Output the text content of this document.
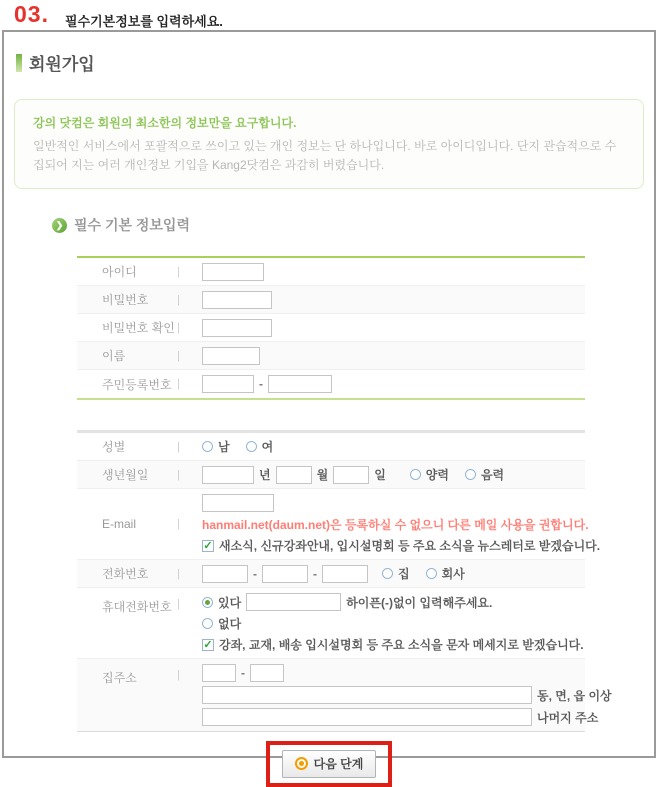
03. 필수기본정보를 입력하세요.
회원가입
강의 닷컴은 회원의 최소한의 정보만을 요구합니다.
일반적인 서비스에서 포괄적으로 쓰이고 있는 개인 정보는 단 하나입니다. 바로 아이디입니다. 단지 관습적으로 수집되어 지는 여러 개인정보 기입을 Kang2닷컴은 과감히 버렸습니다.
❯ 필수 기본 정보입력
아이디	|
비밀번호	|
비밀번호 확인 |
이름	|
주민등록번호 |	-
성별	|	남	여
생년월일	|	년	월	일	양력	음력
E-mail	|	hanmail.net(daum.net)은 등록하실 수 없으니 다른 메일 사용을 권합니다.
✓ 새소식, 신규강좌안내, 입시설명회 등 주요 소식을 뉴스레터로 받겠습니다.
전화번호	|	-	-	집	회사
휴대전화번호 |	있다	하이픈(-)없이 입력해주세요.
없다
✓ 강좌, 교재, 배송 입시설명회 등 주요 소식을 문자 메세지로 받겠습니다.
집주소	|	-
동, 면, 읍 이상
나머지 주소
다음 단계
